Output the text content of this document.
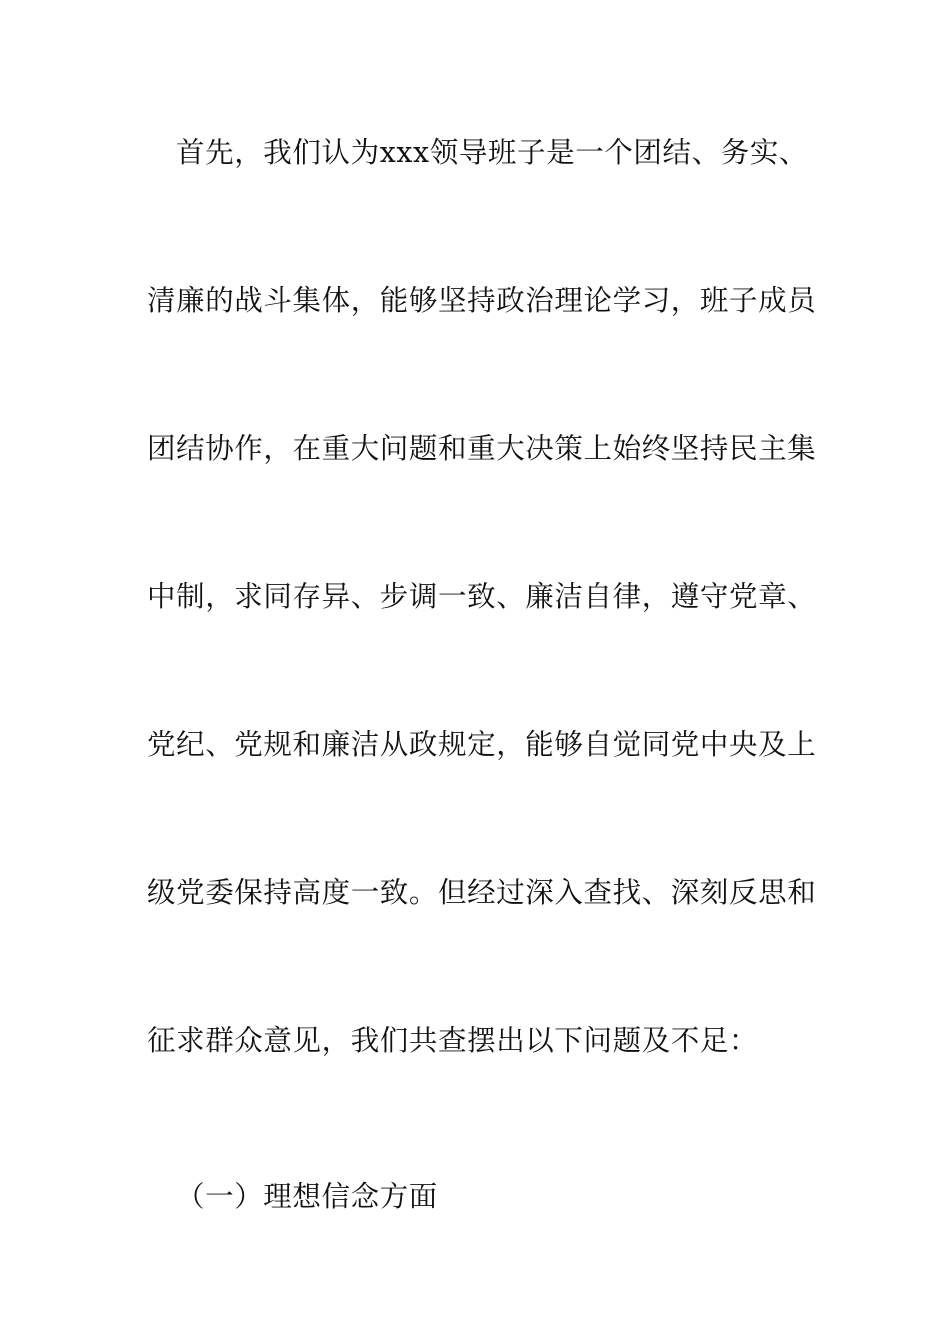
首先，我们认为xxx领导班子是一个团结、务实、
清廉的战斗集体，能够坚持政治理论学习，班子成员
团结协作，在重大问题和重大决策上始终坚持民主集
中制，求同存异、步调一致、廉洁自律，遵守党章、
党纪、党规和廉洁从政规定，能够自觉同党中央及上
级党委保持高度一致。但经过深入查找、深刻反思和
征求群众意见，我们共查摆出以下问题及不足：
（一）理想信念方面
